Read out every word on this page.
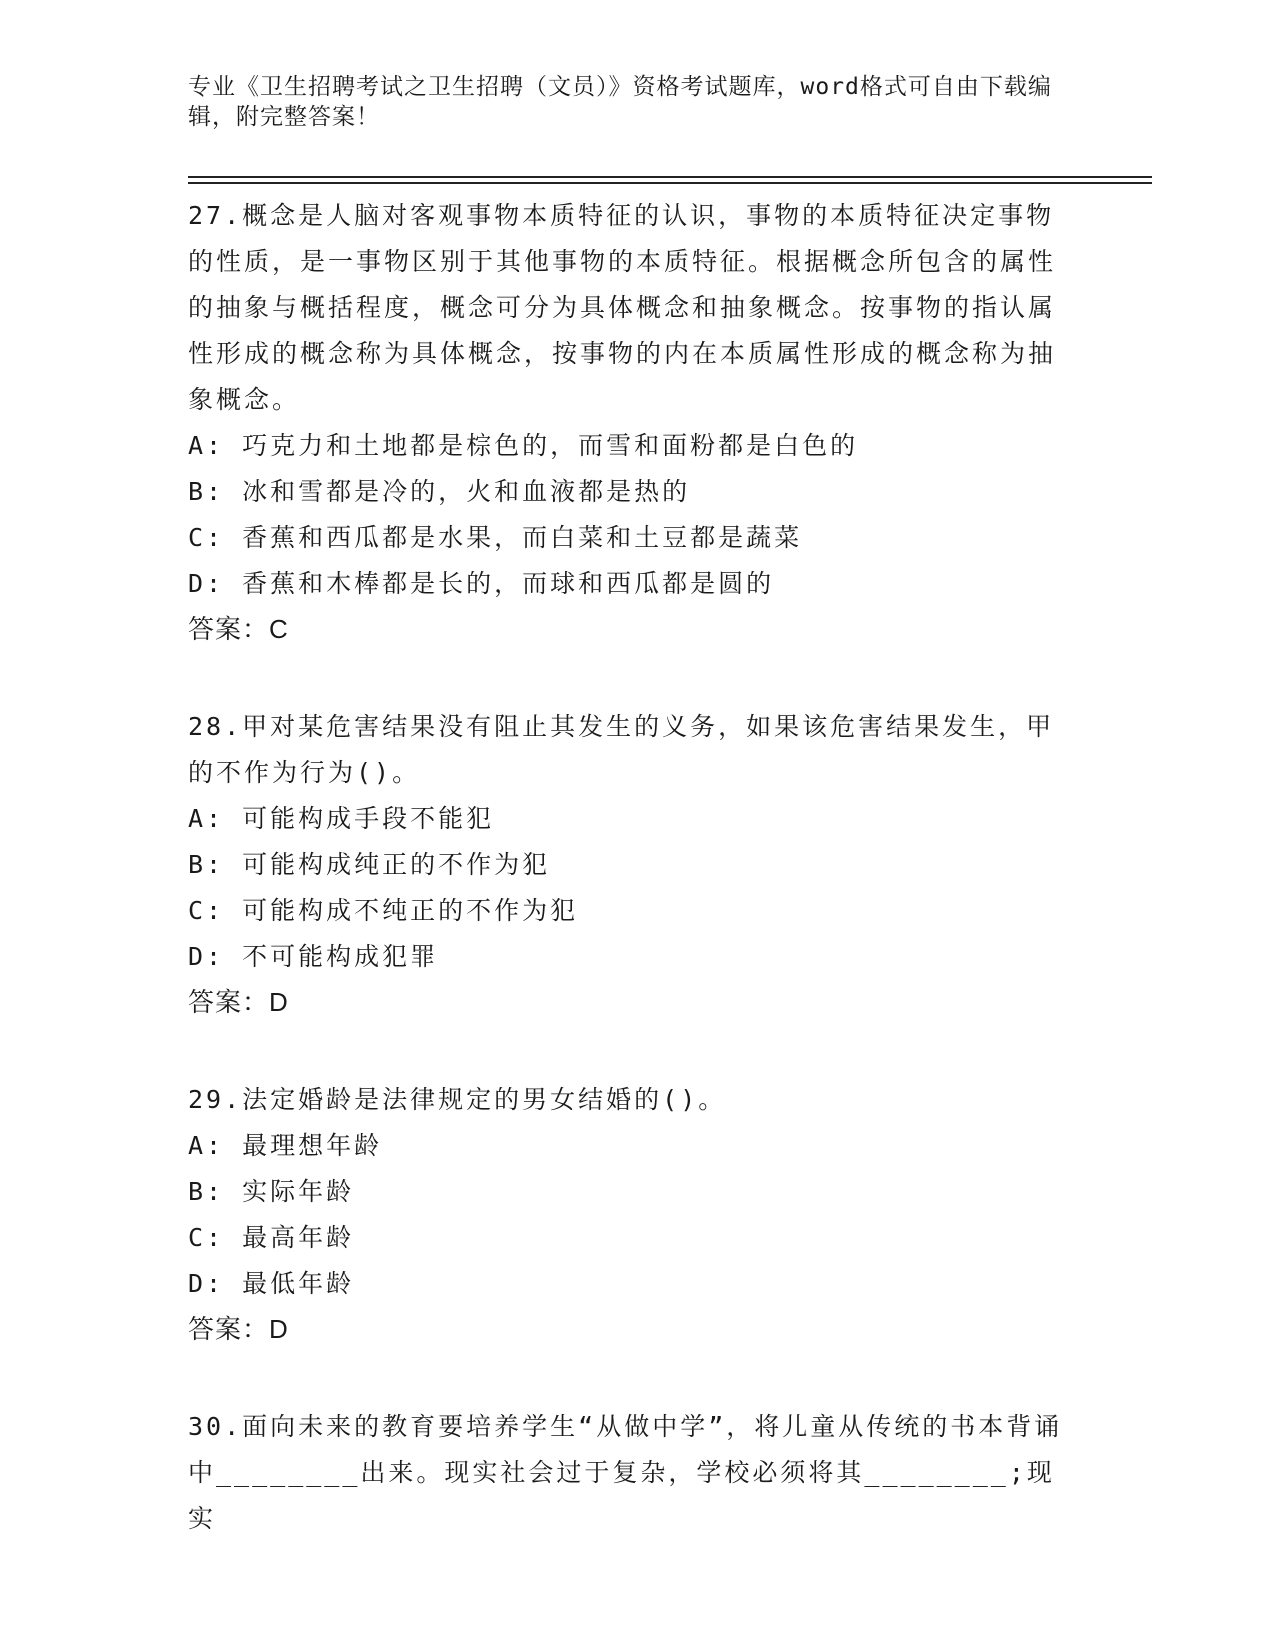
专业《卫生招聘考试之卫生招聘（文员）》资格考试题库，word格式可自由下载编辑，附完整答案！

27.概念是人脑对客观事物本质特征的认识，事物的本质特征决定事物的性质，是一事物区别于其他事物的本质特征。根据概念所包含的属性的抽象与概括程度，概念可分为具体概念和抽象概念。按事物的指认属性形成的概念称为具体概念，按事物的内在本质属性形成的概念称为抽象概念。

A: 巧克力和土地都是棕色的，而雪和面粉都是白色的

B: 冰和雪都是冷的，火和血液都是热的

C: 香蕉和西瓜都是水果，而白菜和土豆都是蔬菜

D: 香蕉和木棒都是长的，而球和西瓜都是圆的

答案：C

28.甲对某危害结果没有阻止其发生的义务，如果该危害结果发生，甲的不作为行为()。

A: 可能构成手段不能犯

B: 可能构成纯正的不作为犯

C: 可能构成不纯正的不作为犯

D: 不可能构成犯罪

答案：D

29.法定婚龄是法律规定的男女结婚的()。

A: 最理想年龄

B: 实际年龄

C: 最高年龄

D: 最低年龄

答案：D

30.面向未来的教育要培养学生“从做中学”，将儿童从传统的书本背诵中________出来。现实社会过于复杂，学校必须将其________;现实
